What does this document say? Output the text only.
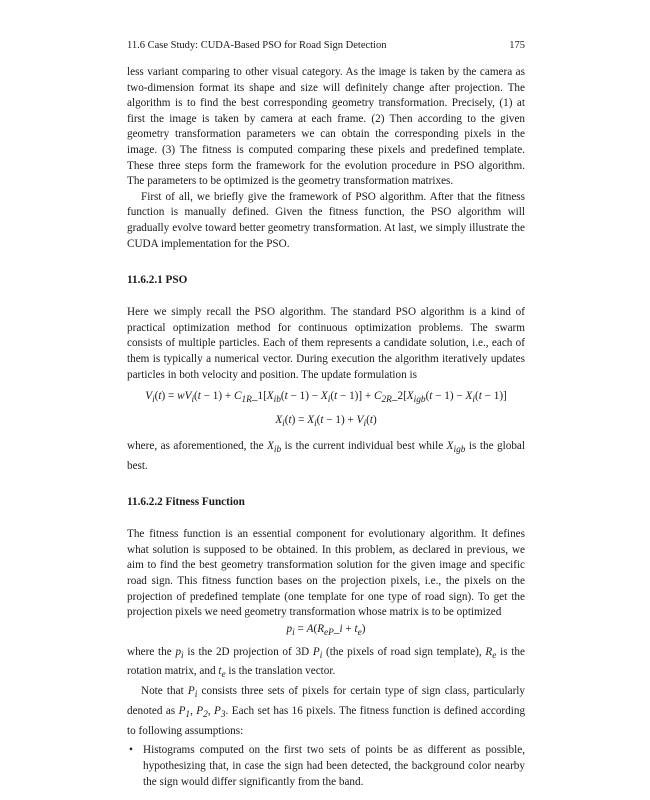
11.6 Case Study: CUDA-Based PSO for Road Sign Detection	175

less variant comparing to other visual category. As the image is taken by the camera as two-dimension format its shape and size will definitely change after projection. The algorithm is to find the best corresponding geometry transformation. Precisely, (1) at first the image is taken by camera at each frame. (2) Then according to the given geometry transformation parameters we can obtain the corresponding pixels in the image. (3) The fitness is computed comparing these pixels and predefined template. These three steps form the framework for the evolution procedure in PSO algorithm. The parameters to be optimized is the geometry transformation matrixes.

First of all, we briefly give the framework of PSO algorithm. After that the fitness function is manually defined. Given the fitness function, the PSO algorithm will gradually evolve toward better geometry transformation. At last, we simply illustrate the CUDA implementation for the PSO.

11.6.2.1 PSO

Here we simply recall the PSO algorithm. The standard PSO algorithm is a kind of practical optimization method for continuous optimization problems. The swarm consists of multiple particles. Each of them represents a candidate solution, i.e., each of them is typically a numerical vector. During execution the algorithm iteratively updates particles in both velocity and position. The update formulation is

$V_i(t) = wV_i(t - 1)$ + $C_{1R}\_1[X_{ib}(t - 1) - X_i(t - 1)]$ + $C_{2R}\_2[X_{igb}(t - 1) - X_i(t - 1)]$
$X_i(t) = X_i(t - 1) + V_i(t)$

where, as aforementioned, the $X_{ib}$ is the current individual best while $X_{igb}$ is the global best.

11.6.2.2 Fitness Function

The fitness function is an essential component for evolutionary algorithm. It defines what solution is supposed to be obtained. In this problem, as declared in previous, we aim to find the best geometry transformation solution for the given image and specific road sign. This fitness function bases on the projection pixels, i.e., the pixels on the projection of predefined template (one template for one type of road sign). To get the projection pixels we need geometry transformation whose matrix is to be optimized

$p_i$ = $A(R_{eP}\_i + t_e)$

where the $p_i$ is the 2D projection of 3D $P_i$ (the pixels of road sign template), $R_e$ is the rotation matrix, and $t_e$ is the translation vector.

Note that $P_i$ consists three sets of pixels for certain type of sign class, particularly denoted as $P_1$, $P_2$, $P_3$. Each set has 16 pixels. The fitness function is defined according to following assumptions:

• Histograms computed on the first two sets of points be as different as possible, hypothesizing that, in case the sign had been detected, the background color nearby the sign would differ significantly from the band.
